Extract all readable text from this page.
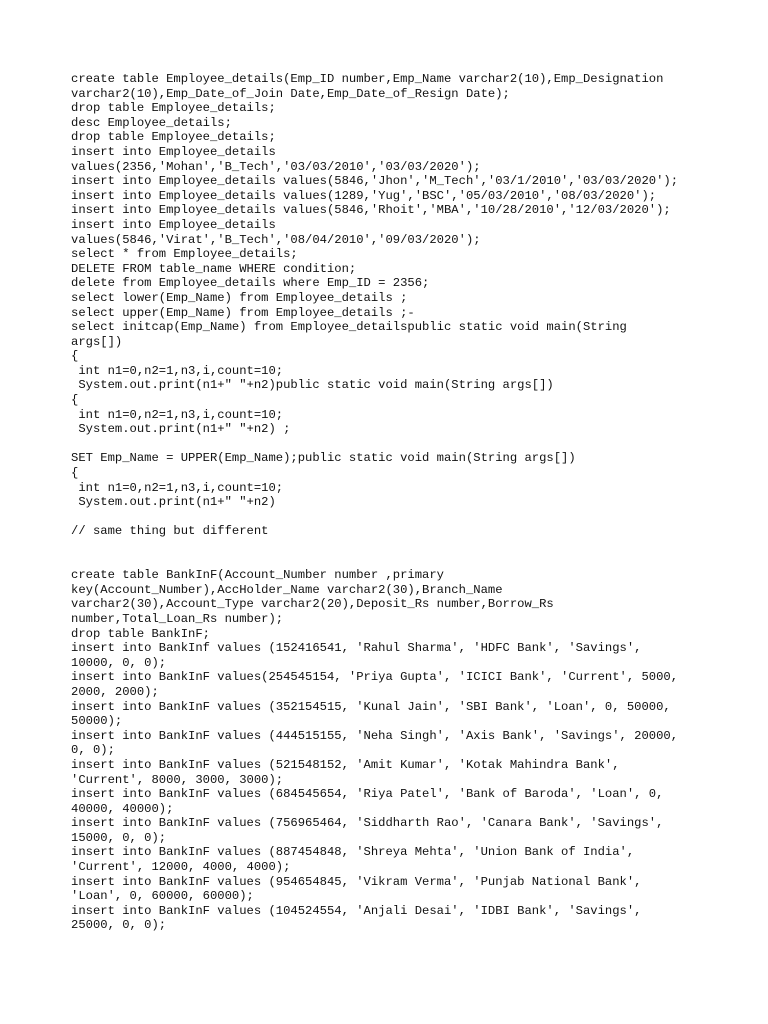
create table Employee_details(Emp_ID number,Emp_Name varchar2(10),Emp_Designation
varchar2(10),Emp_Date_of_Join Date,Emp_Date_of_Resign Date);
drop table Employee_details;
desc Employee_details;
drop table Employee_details;
insert into Employee_details
values(2356,'Mohan','B_Tech','03/03/2010','03/03/2020');
insert into Employee_details values(5846,'Jhon','M_Tech','03/1/2010','03/03/2020');
insert into Employee_details values(1289,'Yug','BSC','05/03/2010','08/03/2020');
insert into Employee_details values(5846,'Rhoit','MBA','10/28/2010','12/03/2020');
insert into Employee_details
values(5846,'Virat','B_Tech','08/04/2010','09/03/2020');
select * from Employee_details;
DELETE FROM table_name WHERE condition;
delete from Employee_details where Emp_ID = 2356;
select lower(Emp_Name) from Employee_details ;
select upper(Emp_Name) from Employee_details ;-
select initcap(Emp_Name) from Employee_detailspublic static void main(String
args[])
{
int n1=0,n2=1,n3,i,count=10;
System.out.print(n1+" "+n2)public static void main(String args[])
{
int n1=0,n2=1,n3,i,count=10;
System.out.print(n1+" "+n2) ;
SET Emp_Name = UPPER(Emp_Name);public static void main(String args[])
{
int n1=0,n2=1,n3,i,count=10;
System.out.print(n1+" "+n2)
// same thing but different
create table BankInF(Account_Number number ,primary
key(Account_Number),AccHolder_Name varchar2(30),Branch_Name
varchar2(30),Account_Type varchar2(20),Deposit_Rs number,Borrow_Rs
number,Total_Loan_Rs number);
drop table BankInF;
insert into BankInf values (152416541, 'Rahul Sharma', 'HDFC Bank', 'Savings',
10000, 0, 0);
insert into BankInF values(254545154, 'Priya Gupta', 'ICICI Bank', 'Current', 5000,
2000, 2000);
insert into BankInF values (352154515, 'Kunal Jain', 'SBI Bank', 'Loan', 0, 50000,
50000);
insert into BankInF values (444515155, 'Neha Singh', 'Axis Bank', 'Savings', 20000,
0, 0);
insert into BankInF values (521548152, 'Amit Kumar', 'Kotak Mahindra Bank',
'Current', 8000, 3000, 3000);
insert into BankInF values (684545654, 'Riya Patel', 'Bank of Baroda', 'Loan', 0,
40000, 40000);
insert into BankInF values (756965464, 'Siddharth Rao', 'Canara Bank', 'Savings',
15000, 0, 0);
insert into BankInF values (887454848, 'Shreya Mehta', 'Union Bank of India',
'Current', 12000, 4000, 4000);
insert into BankInF values (954654845, 'Vikram Verma', 'Punjab National Bank',
'Loan', 0, 60000, 60000);
insert into BankInF values (104524554, 'Anjali Desai', 'IDBI Bank', 'Savings',
25000, 0, 0);
